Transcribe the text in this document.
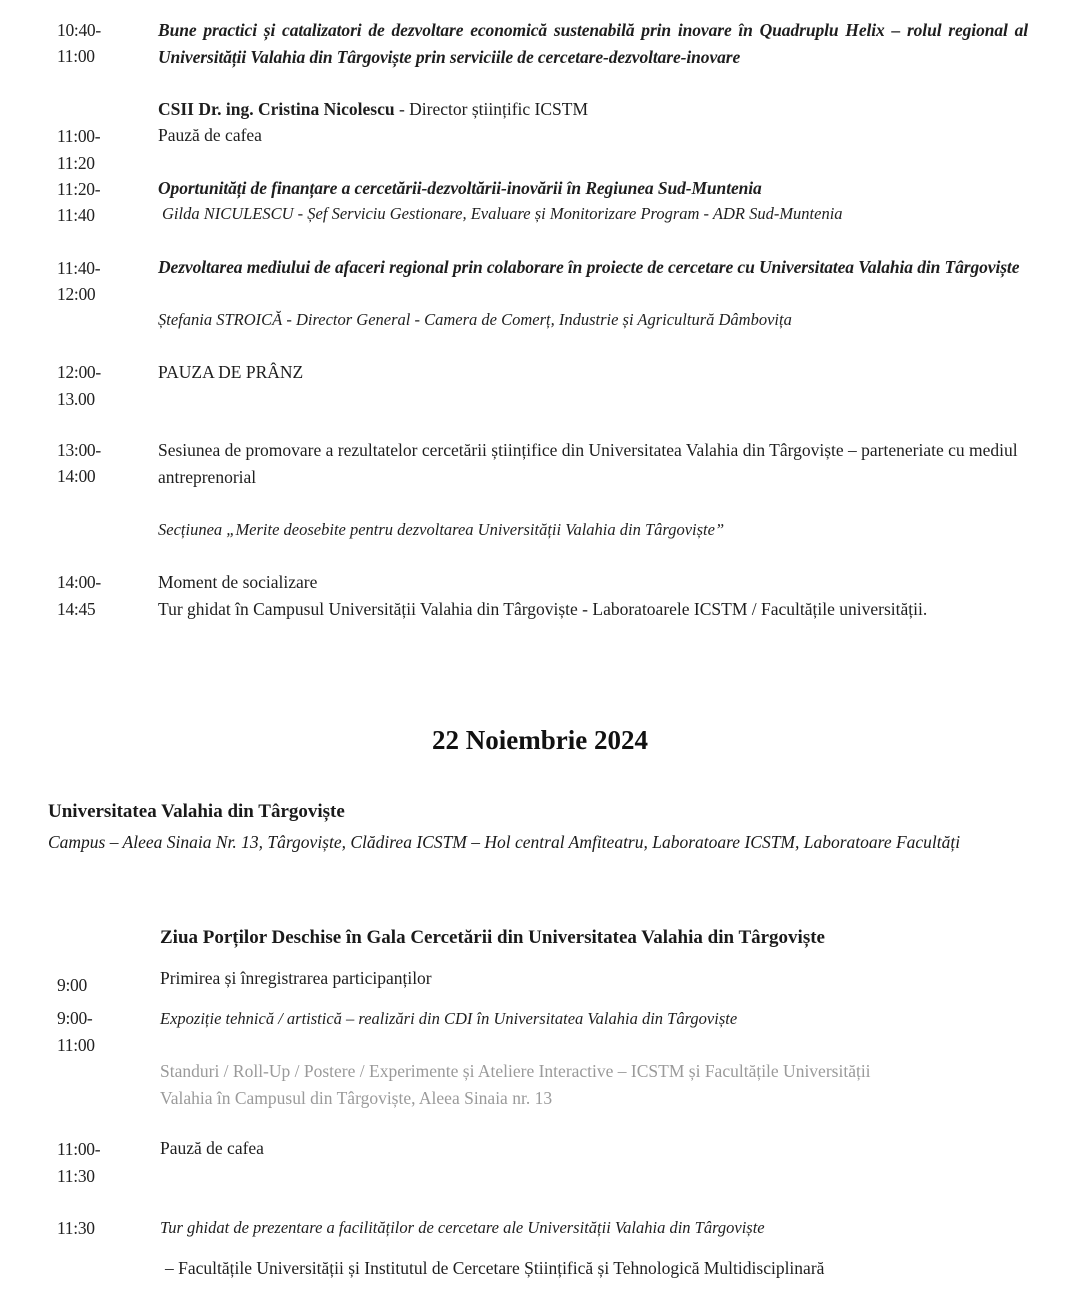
10:40-
11:00
Bune practici și catalizatori de dezvoltare economică sustenabilă prin inovare în Quadruplu Helix – rolul regional al Universității Valahia din Târgoviște prin serviciile de cercetare-dezvoltare-inovare
CSII Dr. ing. Cristina Nicolescu - Director științific ICSTM
11:00-
11:20
Pauză de cafea
11:20-
11:40
Oportunități de finanțare a cercetării-dezvoltării-inovării în Regiunea Sud-Muntenia
Gilda NICULESCU - Șef Serviciu Gestionare, Evaluare și Monitorizare Program - ADR Sud-Muntenia
11:40-
12:00
Dezvoltarea mediului de afaceri regional prin colaborare în proiecte de cercetare cu Universitatea Valahia din Târgoviște
Ștefania STROICĂ - Director General - Camera de Comerț, Industrie și Agricultură Dâmbovița
12:00-
13.00
PAUZA DE PRÂNZ
13:00-
14:00
Sesiunea de promovare a rezultatelor cercetării științifice din Universitatea Valahia din Târgoviște – parteneriate cu mediul antreprenorial
Secțiunea „Merite deosebite pentru dezvoltarea Universității Valahia din Târgoviște”
14:00-
14:45
Moment de socializare
Tur ghidat în Campusul Universității Valahia din Târgoviște - Laboratoarele ICSTM / Facultățile universității.
22 Noiembrie 2024
Universitatea Valahia din Târgoviște
Campus – Aleea Sinaia Nr. 13, Târgoviște, Clădirea ICSTM – Hol central Amfiteatru, Laboratoare ICSTM, Laboratoare Facultăți
Ziua Porților Deschise în Gala Cercetării din Universitatea Valahia din Târgoviște
9:00	Primirea și înregistrarea participanților
9:00-
11:00
Expoziție tehnică / artistică – realizări din CDI în Universitatea Valahia din Târgoviște
Standuri / Roll-Up / Postere / Experimente și Ateliere Interactive – ICSTM și Facultățile Universității Valahia în Campusul din Târgoviște, Aleea Sinaia nr. 13
11:00-
11:30
Pauză de cafea
11:30	Tur ghidat de prezentare a facilităților de cercetare ale Universității Valahia din Târgoviște
– Facultățile Universității și Institutul de Cercetare Științifică și Tehnologică Multidisciplinară
